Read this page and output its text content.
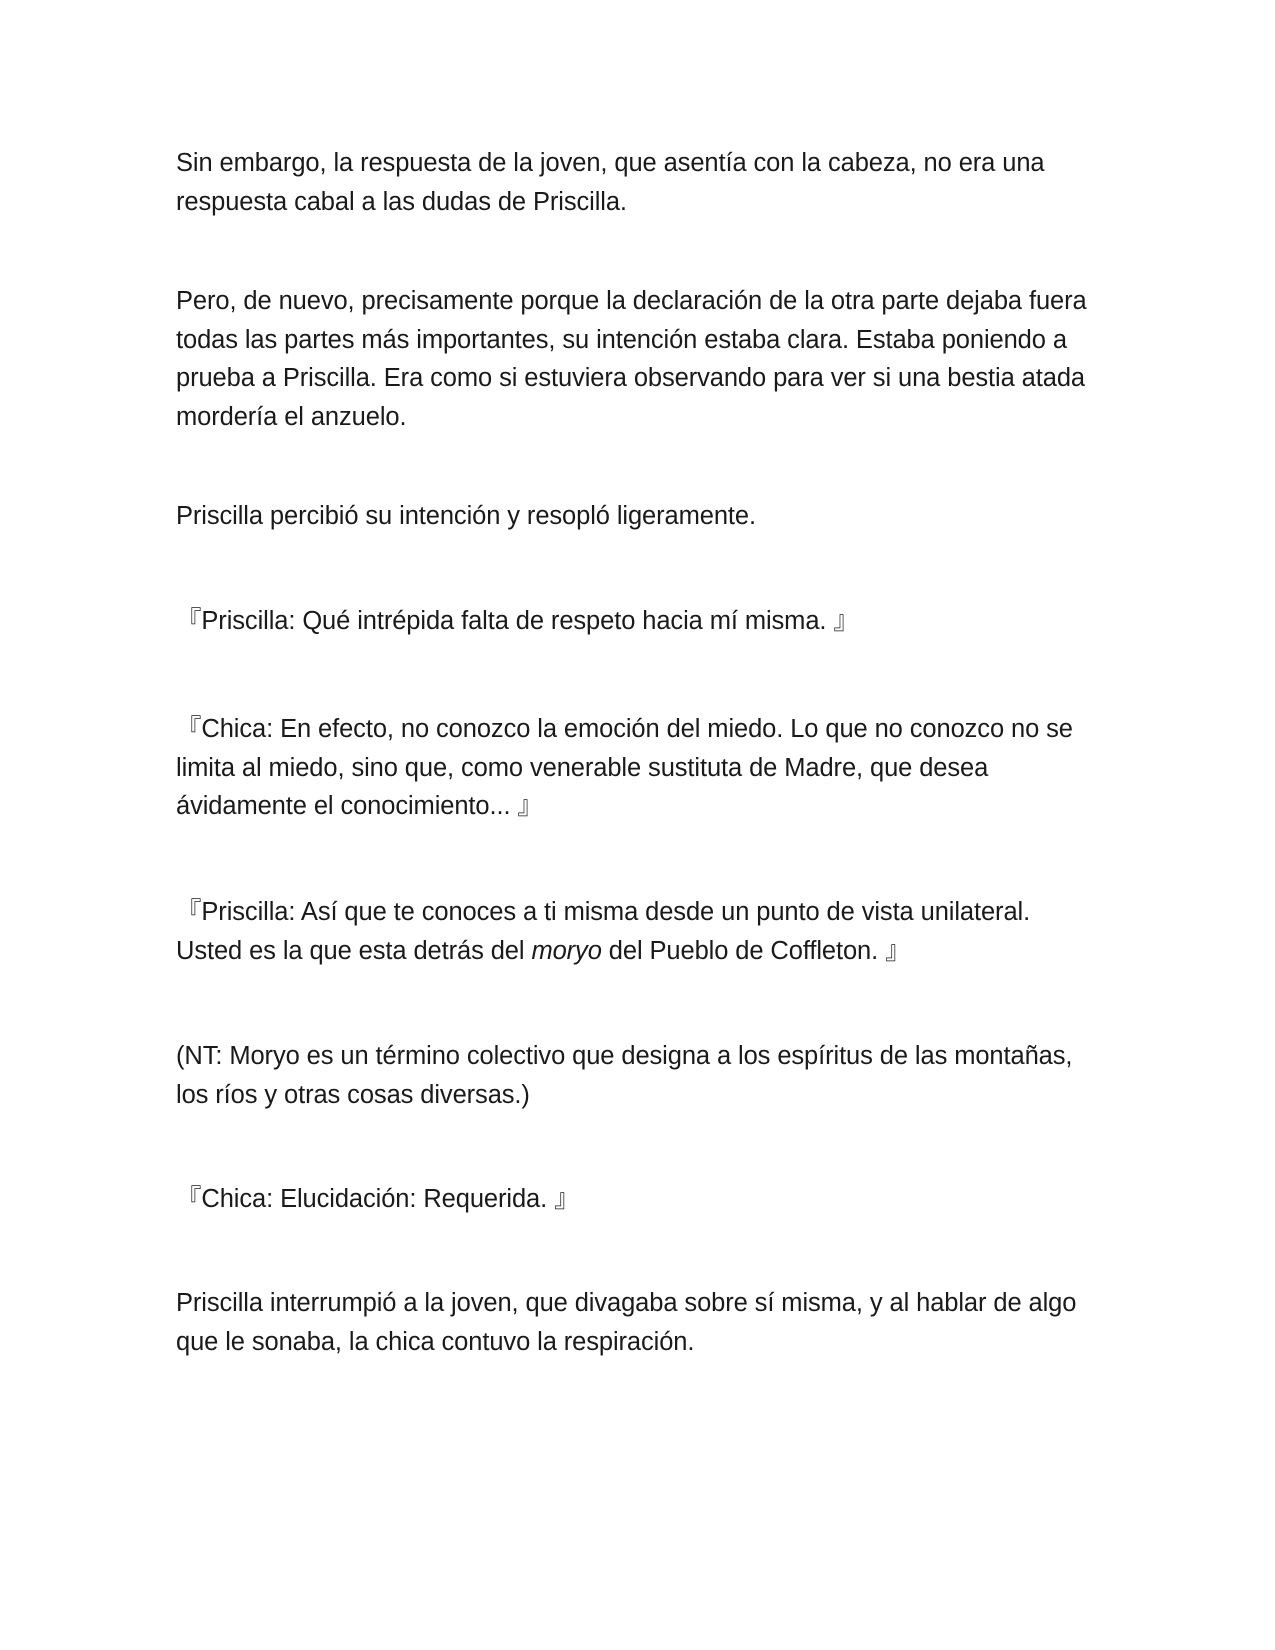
Sin embargo, la respuesta de la joven, que asentía con la cabeza, no era una respuesta cabal a las dudas de Priscilla.

Pero, de nuevo, precisamente porque la declaración de la otra parte dejaba fuera todas las partes más importantes, su intención estaba clara. Estaba poniendo a prueba a Priscilla. Era como si estuviera observando para ver si una bestia atada mordería el anzuelo.

Priscilla percibió su intención y resopló ligeramente.

『Priscilla: Qué intrépida falta de respeto hacia mí misma. 』

『Chica: En efecto, no conozco la emoción del miedo. Lo que no conozco no se limita al miedo, sino que, como venerable sustituta de Madre, que desea ávidamente el conocimiento... 』

『Priscilla: Así que te conoces a ti misma desde un punto de vista unilateral. Usted es la que esta detrás del moryo del Pueblo de Coffleton. 』

(NT: Moryo es un término colectivo que designa a los espíritus de las montañas, los ríos y otras cosas diversas.)

『Chica: Elucidación: Requerida. 』

Priscilla interrumpió a la joven, que divagaba sobre sí misma, y al hablar de algo que le sonaba, la chica contuvo la respiración.
